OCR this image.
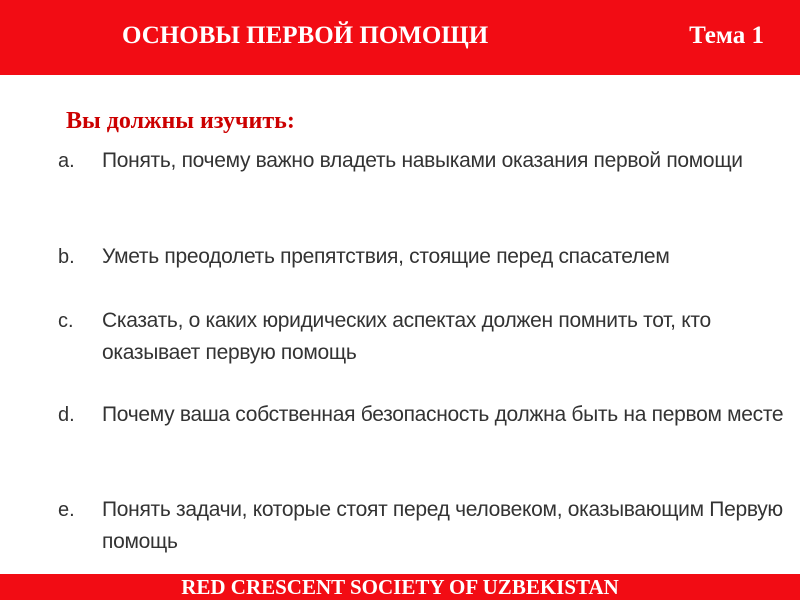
ОСНОВЫ ПЕРВОЙ ПОМОЩИ	Тема 1
Вы должны изучить:
a. Понять, почему важно владеть навыками оказания первой помощи
b. Уметь преодолеть препятствия, стоящие перед спасателем
c. Сказать, о каких юридических аспектах должен помнить тот, кто оказывает первую помощь
d. Почему ваша собственная безопасность должна быть на первом месте
e. Понять задачи, которые стоят перед человеком, оказывающим Первую помощь
RED CRESCENT SOCIETY OF UZBEKISTAN
